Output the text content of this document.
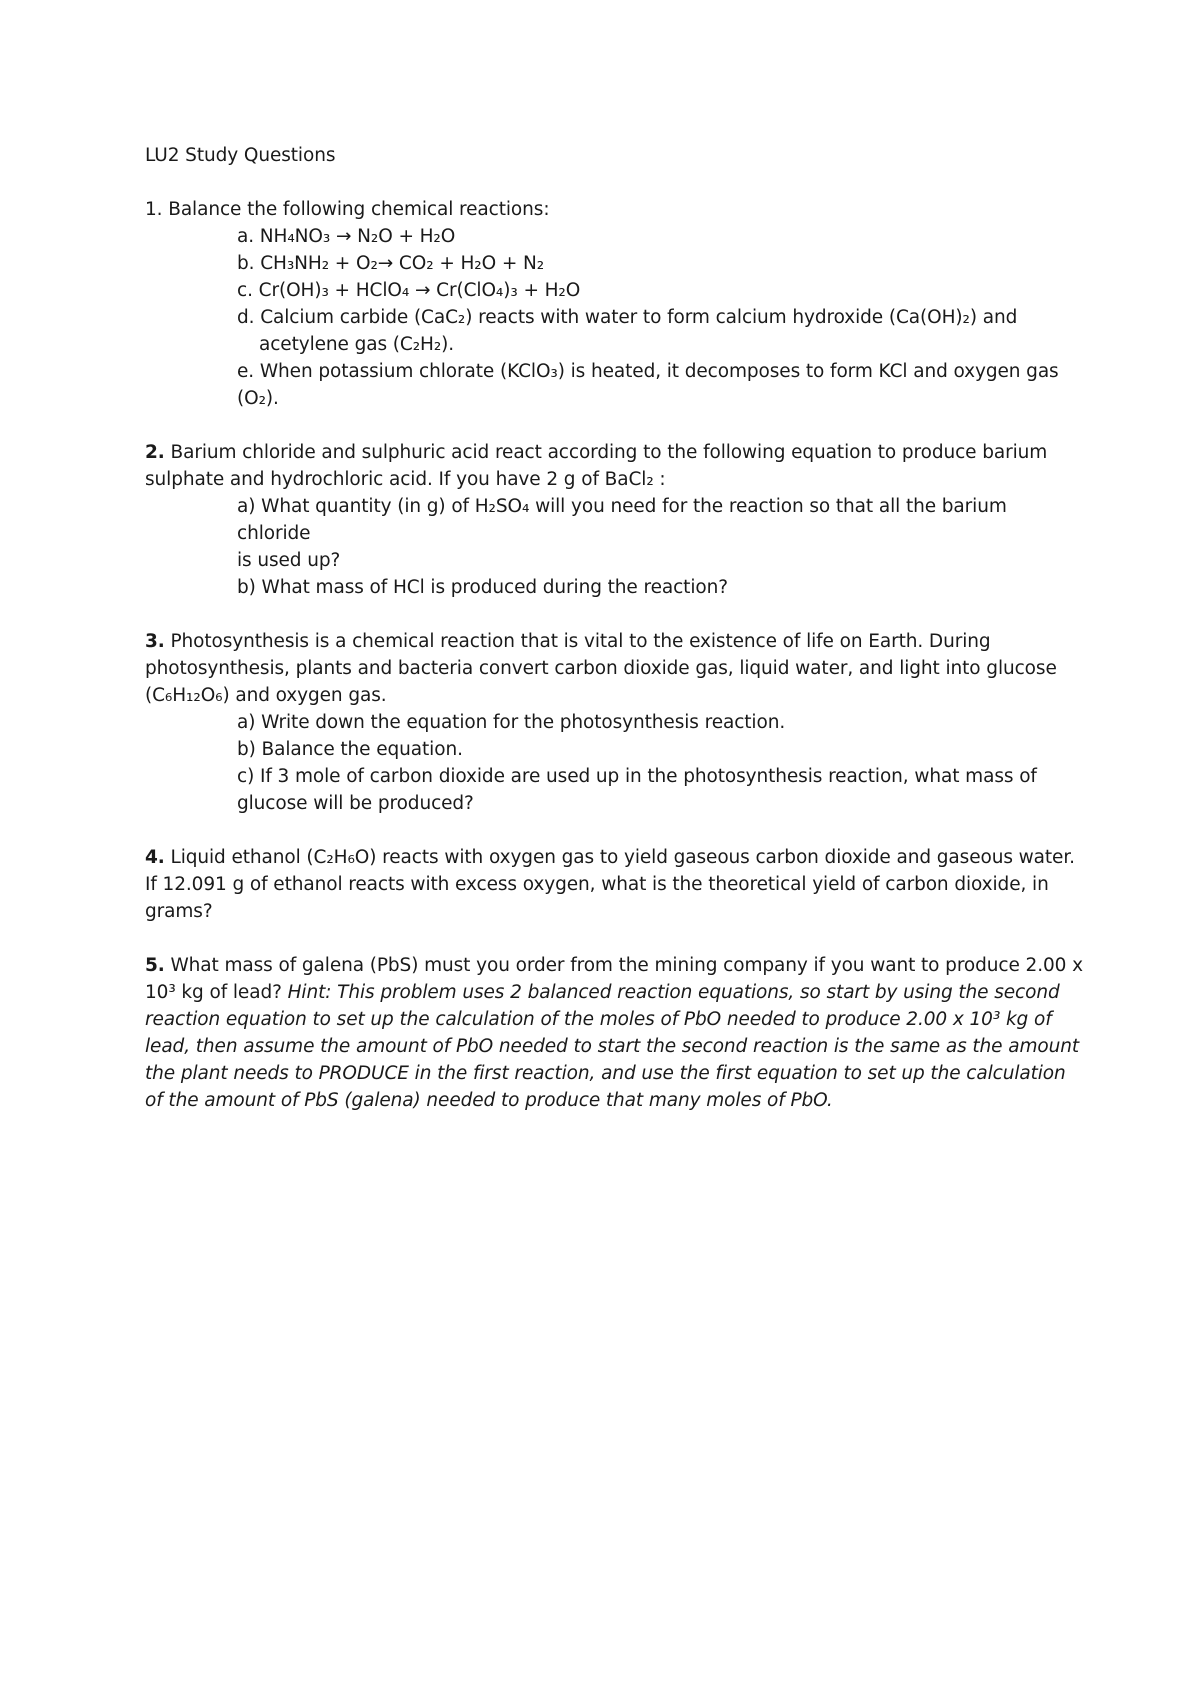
LU2 Study Questions
1. Balance the following chemical reactions:
a. NH₄NO₃ → N₂O + H₂O
b. CH₃NH₂ + O₂→ CO₂ + H₂O + N₂
c. Cr(OH)₃ + HClO₄ → Cr(ClO₄)₃ + H₂O
d. Calcium carbide (CaC₂) reacts with water to form calcium hydroxide (Ca(OH)₂) and
acetylene gas (C₂H₂).
e. When potassium chlorate (KClO₃) is heated, it decomposes to form KCl and oxygen gas (O₂).
2. Barium chloride and sulphuric acid react according to the following equation to produce barium sulphate and hydrochloric acid. If you have 2 g of BaCl₂ :
a) What quantity (in g) of H₂SO₄ will you need for the reaction so that all the barium chloride
is used up?
b) What mass of HCl is produced during the reaction?
3. Photosynthesis is a chemical reaction that is vital to the existence of life on Earth. During photosynthesis, plants and bacteria convert carbon dioxide gas, liquid water, and light into glucose (C₆H₁₂O₆) and oxygen gas.
a) Write down the equation for the photosynthesis reaction.
b) Balance the equation.
c) If 3 mole of carbon dioxide are used up in the photosynthesis reaction, what mass of
glucose will be produced?
4. Liquid ethanol (C₂H₆O) reacts with oxygen gas to yield gaseous carbon dioxide and gaseous water. If 12.091 g of ethanol reacts with excess oxygen, what is the theoretical yield of carbon dioxide, in grams?
5. What mass of galena (PbS) must you order from the mining company if you want to produce 2.00 x 10³ kg of lead? Hint: This problem uses 2 balanced reaction equations, so start by using the second reaction equation to set up the calculation of the moles of PbO needed to produce 2.00 x 10³ kg of lead, then assume the amount of PbO needed to start the second reaction is the same as the amount the plant needs to PRODUCE in the first reaction, and use the first equation to set up the calculation of the amount of PbS (galena) needed to produce that many moles of PbO.
